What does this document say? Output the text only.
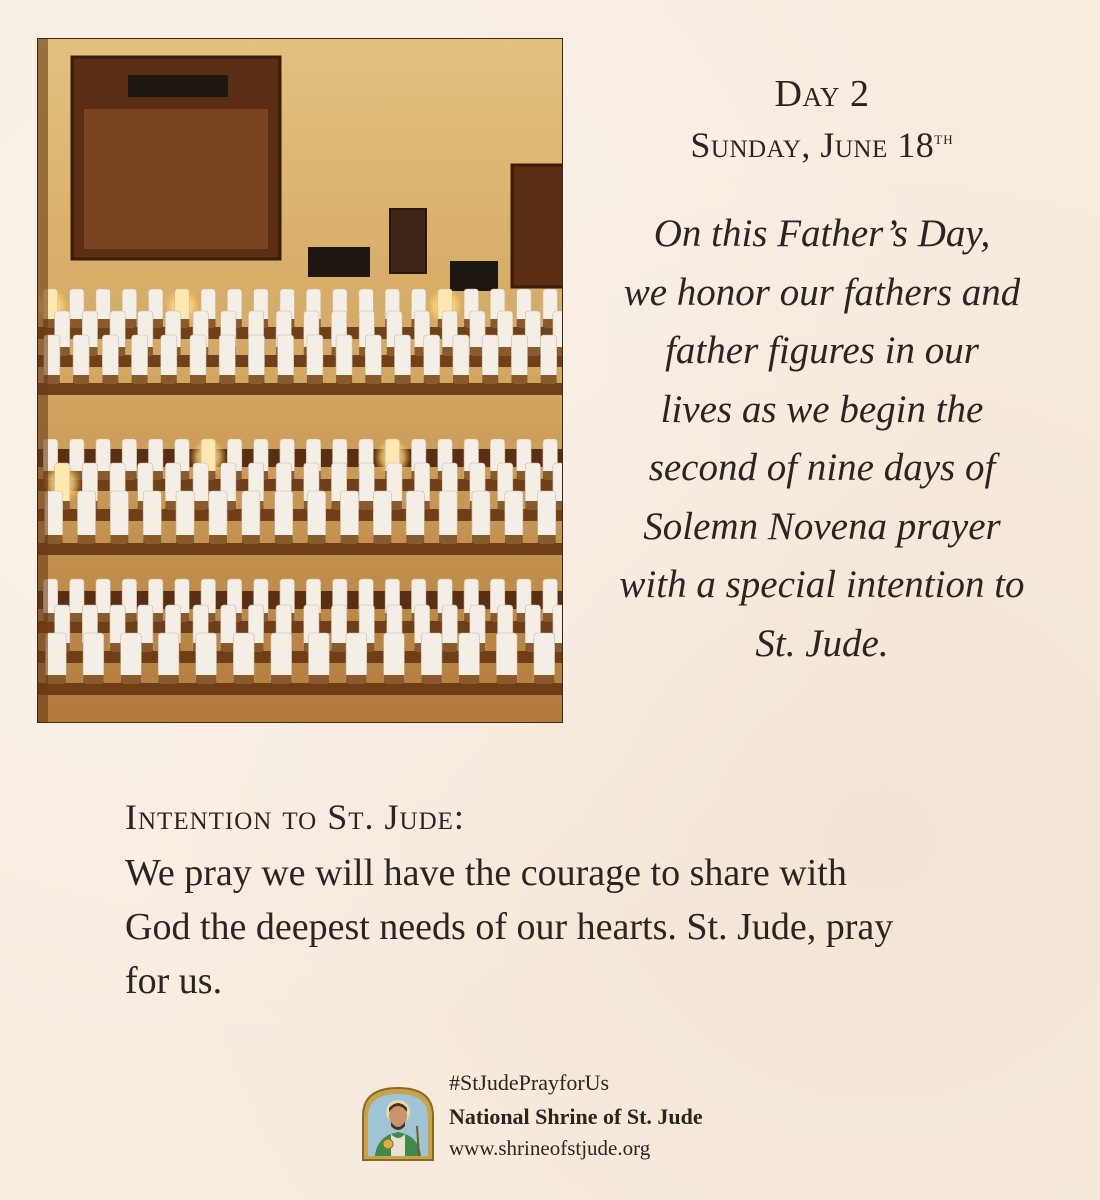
Day 2
Sunday, June 18th

On this Father’s Day,
we honor our fathers and
father figures in our
lives as we begin the
second of nine days of
Solemn Novena prayer
with a special intention to
St. Jude.

Intention to St. Jude:

We pray we will have the courage to share with
God the deepest needs of our hearts. St. Jude, pray
for us.

#StJudePrayforUs
National Shrine of St. Jude
www.shrineofstjude.org
